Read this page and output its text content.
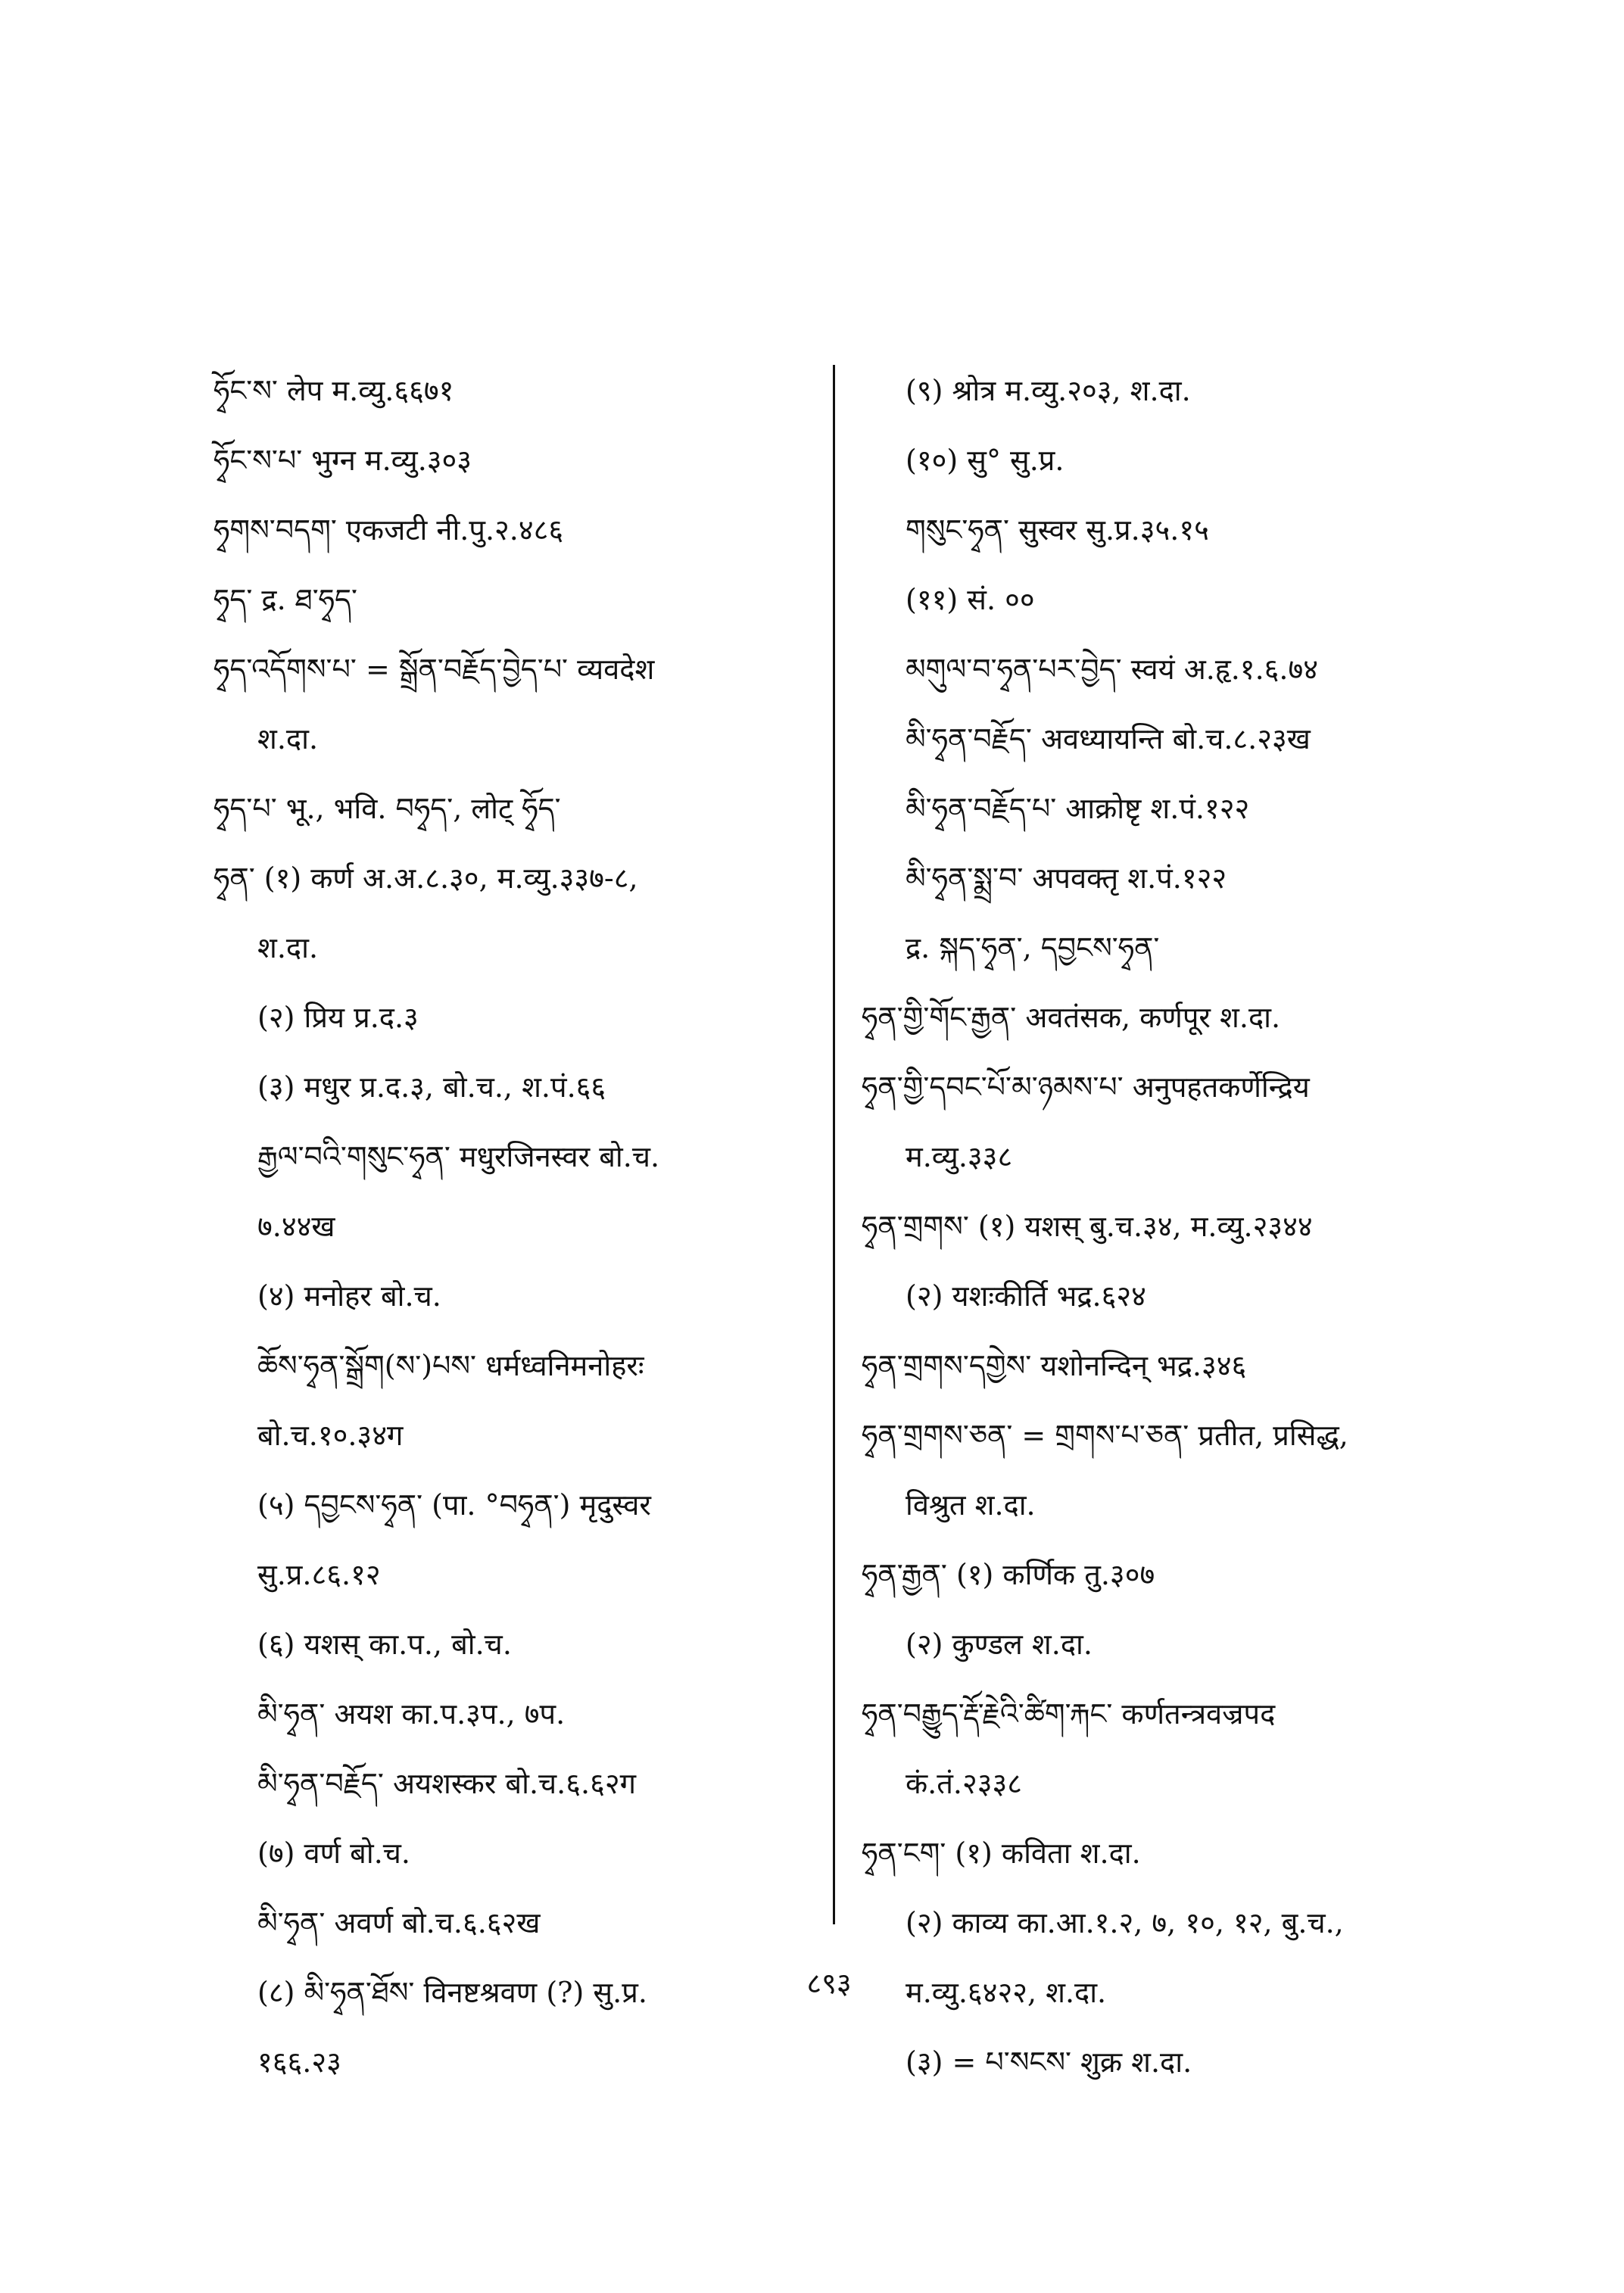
ཧྭོང་ས་ लेप म.व्यु.६६७१
ཧྭོང་ས་པ་ भुग्न म.व्यु.३०३
ཧྭགས་བདག་ एकजटी नी.पु.२.४८६
ཧྭད་ द्र. ཐ་ཧྭད་
ཧྭད་འདོགས་པ་ = སྒྲོན་བརྗོད་བྱེད་པ་ व्यवदेश
श.दा.
ཧྭད་པ་ भू., भवि. བཧྭད་, लोट् ཧྭོད་
ཧྭན་ (१) कर्ण अ.अ.८.३०, म.व्यु.३३७-८,
श.दा.
(२) प्रिय प्र.द.३
(३) मधुर प्र.द.३, बो.च., श.पं.६६
རྒྱལ་བའི་གསུང་ཧྭན་ मधुरजिनस्वर बो.च.
७.४४ख
(४) मनोहर बो.च.
ཆོས་ཧྭན་སྒྲོག(ས་)པས་ धर्मध्वनिमनोहरः
बो.च.१०.३४ग
(५) དབྱངས་ཧྭན་ (पा. °བཧྭན་) मृदुस्वर
सु.प्र.८६.१२
(६) यशस् का.प., बो.च.
མི་ཧྭན་ अयश का.प.३प., ७प.
མི་ཧྭན་བརྗོད་ अयशस्कर बो.च.६.६२ग
(७) वर्ण बो.च.
མི་ཧྭན་ अवर्ण बो.च.६.६२ख
(८) མི་ཧྭན་ཐོས་ विनष्टश्रवण (?) सु.प्र.
१६६.२३
(९) श्रोत्र म.व्यु.२०३, श.दा.
(१०) सु° सु.प्र.
གསུང་ཧྭན་ सुस्वर सु.प्र.३५.१५
(११) सं. ००
མགུལ་བ་ཧྭན་པར་བྱེད་ स्वयं अ.हृ.१.६.७४
མི་ཧྭན་བརྗོད་ अवध्यायन्ति बो.च.८.२३ख
མི་ཧྭན་བརྗོད་པ་ आक्रोष्टृ श.पं.१२२
མི་ཧྭན་སྨྲ་བ་ अपवक्तृ श.पं.१२२
द्र. སྐད་ཧྭན་, དབྱངས་ཧྭན་
ཧྭན་གྱི་གོང་རྒྱན་ अवतंसक, कर्णपूर श.दा.
ཧྭན་གྱི་དབང་པོ་མ་ཉམས་པ་ अनुपहतकर्णेन्द्रिय
म.व्यु.३३८
ཧྭན་གྲགས་ (१) यशस् बु.च.३४, म.व्यु.२३४४
(२) यशःकीर्ति भद्र.६२४
ཧྭན་གྲགས་དགྱེས་ यशोनन्दिन् भद्र.३४६
ཧྭན་གྲགས་ཅན་ = གྲགས་པ་ཅན་ प्रतीत, प्रसिद्ध,
विश्रुत श.दा.
ཧྭན་རྒྱན་ (१) कर्णिक तु.३०७
(२) कुण्डल श.दा.
ཧྭན་བརྒྱུད་རྡོ་རྗེའི་ཚིག་རྐང་ कर्णतन्त्रवज्रपद
कं.तं.२३३८
ཧྭན་ངག་ (१) कविता श.दा.
(२) काव्य का.आ.१.२, ७, १०, १२, बु.च.,
म.व्यु.६४२२, श.दा.
(३) = པ་སངས་ शुक्र श.दा.
८९३
